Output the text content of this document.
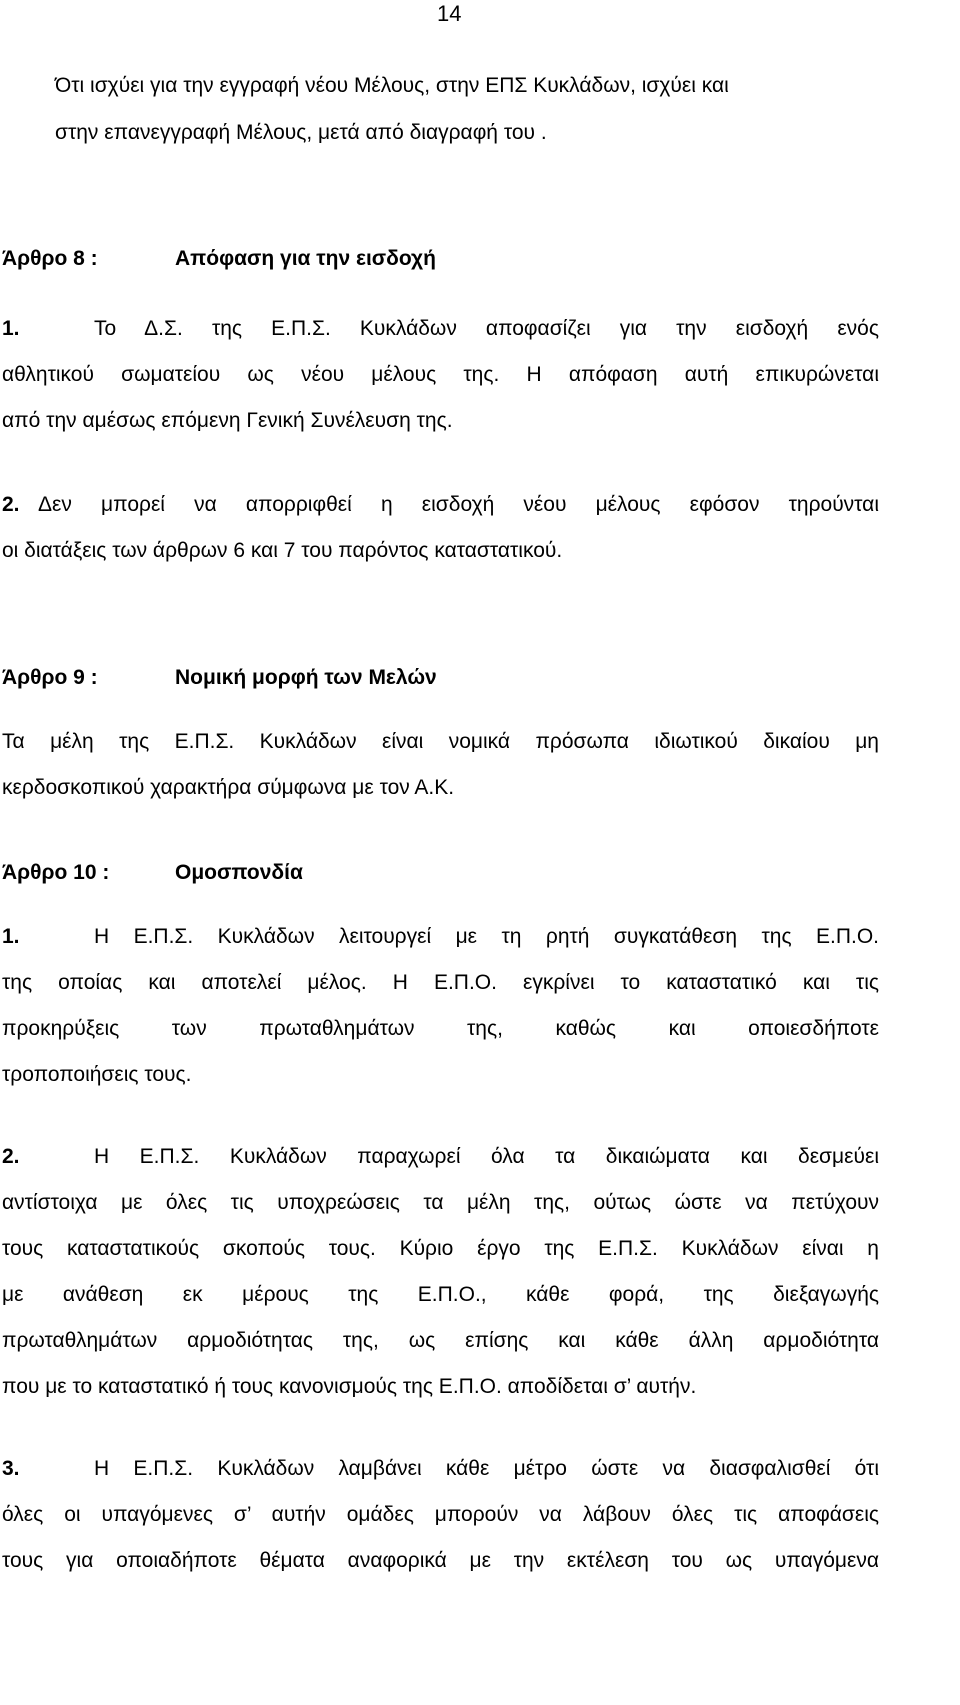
14
Ότι ισχύει για την εγγραφή νέου Μέλους, στην ΕΠΣ Κυκλάδων, ισχύει και
στην επανεγγραφή Μέλους, μετά από διαγραφή του .
Άρθρο 8 :	Απόφαση για την εισδοχή
1.	Το Δ.Σ. της Ε.Π.Σ. Κυκλάδων αποφασίζει για την εισδοχή ενός
αθλητικού σωματείου ως νέου μέλους της. Η απόφαση αυτή επικυρώνεται
από την αμέσως επόμενη Γενική Συνέλευση της.
2. Δεν μπορεί να απορριφθεί η εισδοχή νέου μέλους εφόσον τηρούνται
οι διατάξεις των άρθρων 6 και 7 του παρόντος καταστατικού.
Άρθρο 9 :	Νομική μορφή των Μελών
Τα μέλη της Ε.Π.Σ. Κυκλάδων είναι νομικά πρόσωπα ιδιωτικού δικαίου μη
κερδοσκοπικού χαρακτήρα σύμφωνα με τον Α.Κ.
Άρθρο 10 :	Ομοσπονδία
1.	Η Ε.Π.Σ. Κυκλάδων λειτουργεί με τη ρητή συγκατάθεση της Ε.Π.Ο.
της οποίας και αποτελεί μέλος. Η Ε.Π.Ο. εγκρίνει το καταστατικό και τις
προκηρύξεις των πρωταθλημάτων της, καθώς και οποιεσδήποτε
τροποποιήσεις τους.
2.	Η Ε.Π.Σ. Κυκλάδων παραχωρεί όλα τα δικαιώματα και δεσμεύει
αντίστοιχα με όλες τις υποχρεώσεις τα μέλη της, ούτως ώστε να πετύχουν
τους καταστατικούς σκοπούς τους. Κύριο έργο της Ε.Π.Σ. Κυκλάδων είναι η
με ανάθεση εκ μέρους της Ε.Π.Ο., κάθε φορά, της διεξαγωγής
πρωταθλημάτων αρμοδιότητας της, ως επίσης και κάθε άλλη αρμοδιότητα
που με το καταστατικό ή τους κανονισμούς της Ε.Π.Ο. αποδίδεται σ’ αυτήν.
3.	Η Ε.Π.Σ. Κυκλάδων λαμβάνει κάθε μέτρο ώστε να διασφαλισθεί ότι
όλες οι υπαγόμενες σ’ αυτήν ομάδες μπορούν να λάβουν όλες τις αποφάσεις
τους για οποιαδήποτε θέματα αναφορικά με την εκτέλεση του ως υπαγόμενα
